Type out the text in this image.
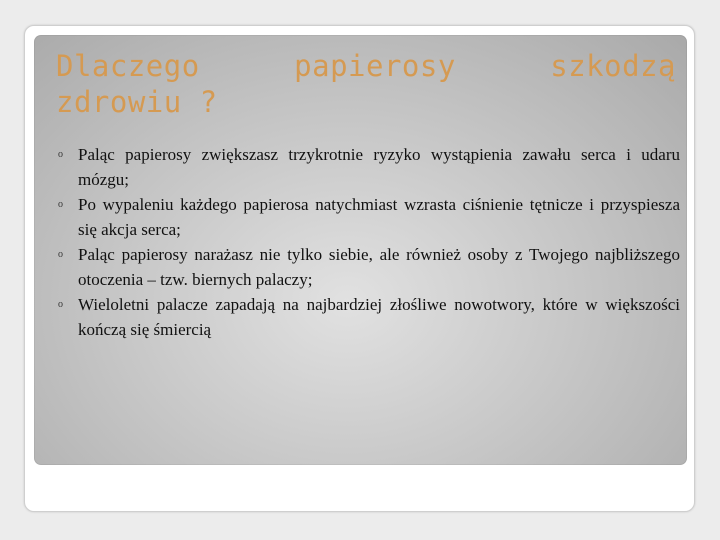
Dlaczego	papierosy	szkodzą
zdrowiu ?
o Paląc papierosy zwiększasz trzykrotnie ryzyko wystąpienia zawału serca i udaru mózgu;
o Po wypaleniu każdego papierosa natychmiast wzrasta ciśnienie tętnicze i przyspiesza się akcja serca;
o Paląc papierosy narażasz nie tylko siebie, ale również osoby z Twojego najbliższego otoczenia – tzw. biernych palaczy;
o Wieloletni palacze zapadają na najbardziej złośliwe nowotwory, które w większości kończą się śmiercią
